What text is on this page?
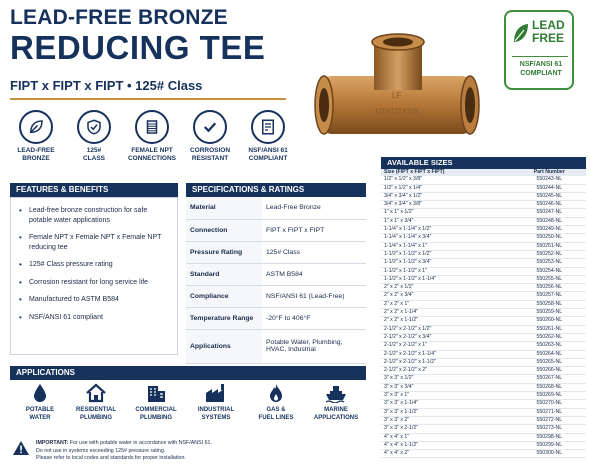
LEAD-FREE BRONZE
REDUCING TEE
FIPT x FIPT x FIPT • 125# Class
LEAD-FREE
BRONZE
125#
CLASS
FEMALE NPT
CONNECTIONS
CORROSION
RESISTANT
NSF/ANSI 61
COMPLIANT
LF
1/2X1/2X3/8
LEAD
FREE
NSF/ANSI 61
COMPLIANT
FEATURES & BENEFITS
• Lead-free bronze construction for safe potable water applications
• Female NPT x Female NPT x Female NPT reducing tee
• 125# Class pressure rating
• Corrosion resistant for long service life
• Manufactured to ASTM B584
• NSF/ANSI 61 compliant
SPECIFICATIONS & RATINGS
Material	Lead-Free Bronze
Connection	FIPT x FIPT x FIPT
Pressure Rating	125# Class
Standard	ASTM B584
Compliance	NSF/ANSI 61 (Lead-Free)
Temperature Range	-20°F to 406°F
Applications	Potable Water, Plumbing, HVAC, Industrial
APPLICATIONS
POTABLE
WATER
RESIDENTIAL
PLUMBING
COMMERCIAL
PLUMBING
INDUSTRIAL
SYSTEMS
GAS &
FUEL LINES
MARINE
APPLICATIONS
IMPORTANT: For use with potable water in accordance with NSF/ANSI 61.
Do not use in systems exceeding 125# pressure rating.
Please refer to local codes and standards for proper installation.
AVAILABLE SIZES
Size (FIPT x FIPT x FIPT)	Part Number
1/2" x 1/2" x 3/8"	550243-NL
1/2" x 1/2" x 1/4"	550244-NL
3/4" x 3/4" x 1/2"	550245-NL
3/4" x 3/4" x 3/8"	550246-NL
1" x 1" x 1/2"	550247-NL
1" x 1" x 3/4"	550248-NL
1-1/4" x 1-1/4" x 1/2"	550249-NL
1-1/4" x 1-1/4" x 3/4"	550250-NL
1-1/4" x 1-1/4" x 1"	550251-NL
1-1/2" x 1-1/2" x 1/2"	550252-NL
1-1/2" x 1-1/2" x 3/4"	550253-NL
1-1/2" x 1-1/2" x 1"	550254-NL
1-1/2" x 1-1/2" x 1-1/4"	550255-NL
2" x 2" x 1/2"	550256-NL
2" x 2" x 3/4"	550257-NL
2" x 2" x 1"	550258-NL
2" x 2" x 1-1/4"	550259-NL
2" x 2" x 1-1/2"	550260-NL
2-1/2" x 2-1/2" x 1/2"	550261-NL
2-1/2" x 2-1/2" x 3/4"	550262-NL
2-1/2" x 2-1/2" x 1"	550263-NL
2-1/2" x 2-1/2" x 1-1/4"	550264-NL
2-1/2" x 2-1/2" x 1-1/2"	550265-NL
2-1/2" x 2-1/2" x 2"	550266-NL
3" x 3" x 1/2"	550267-NL
3" x 3" x 3/4"	550268-NL
3" x 3" x 1"	550269-NL
3" x 3" x 1-1/4"	550270-NL
3" x 3" x 1-1/2"	550271-NL
3" x 3" x 2"	550272-NL
3" x 3" x 2-1/2"	550273-NL
4" x 4" x 1"	550298-NL
4" x 4" x 1-1/2"	550299-NL
4" x 4" x 2"	550300-NL
